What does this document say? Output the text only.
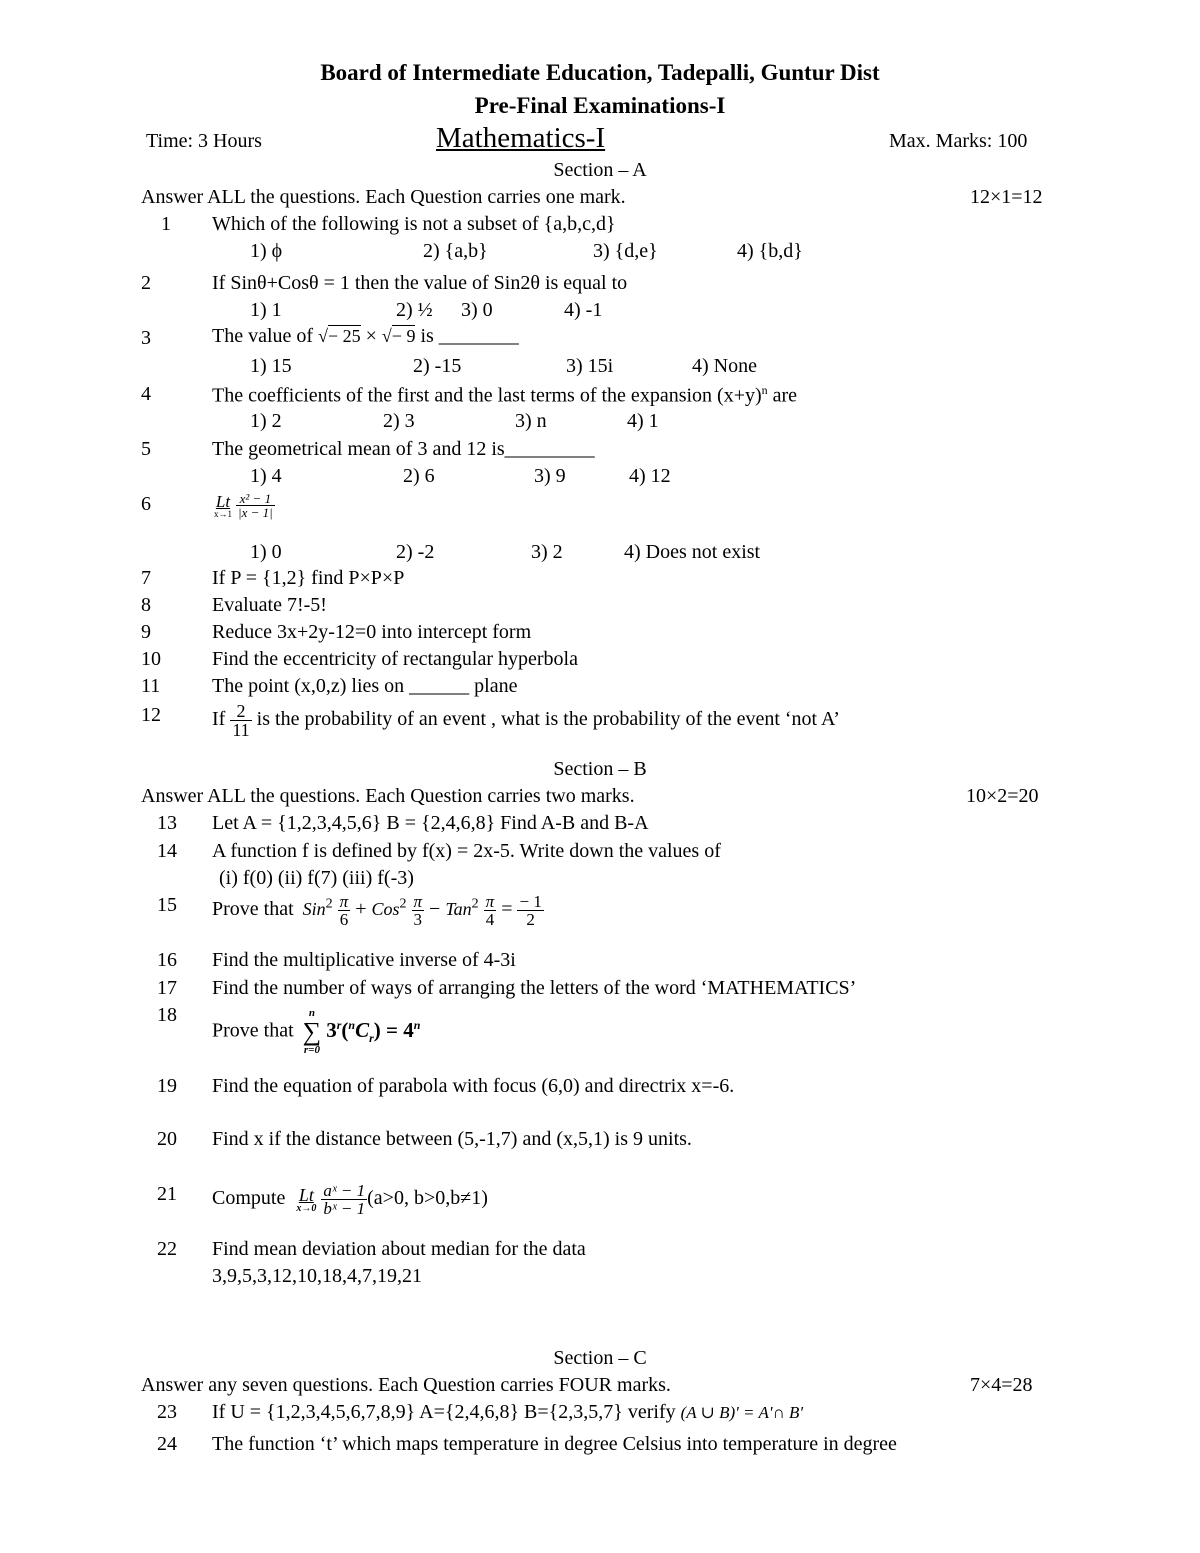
Board of Intermediate Education, Tadepalli, Guntur Dist
Pre-Final Examinations-I
Time: 3 Hours	Mathematics-I	Max. Marks: 100
Section – A
Answer ALL the questions. Each Question carries one mark.	12×1=12
1 Which of the following is not a subset of {a,b,c,d}
1) ϕ	2) {a,b}	3) {d,e}	4) {b,d}
2	If Sinθ+Cosθ = 1 then the value of Sin2θ is equal to
1) 1	2) ½ 3) 0	4) -1
3	The value of √− 25 × √− 9 is ________
1) 15	2) -15	3) 15i	4) None
4	The coefficients of the first and the last terms of the expansion $(x+y)^n$ are
1) 2	2) 3	3) n	4) 1
5	The geometrical mean of 3 and 12 is_________
1) 4	2) 6	3) 9	4) 12
6	Lt
x→1
$\frac{\text{x² − 1}}{|x - 1|}$
1) 0	2) -2	3) 2	4) Does not exist
7	If P = {1,2} find P×P×P
8	Evaluate 7!-5!
9	Reduce 3x+2y-12=0 into intercept form
10	Find the eccentricity of rectangular hyperbola
11	The point (x,0,z) lies on ______ plane
12	If $\frac{2}{11}$ is the probability of an event , what is the probability of the event ‘not A’
Section – B
Answer ALL the questions. Each Question carries two marks.	10×2=20
13 Let A = {1,2,3,4,5,6} B = {2,4,6,8} Find A-B and B-A
14 A function f is defined by f(x) = 2x-5. Write down the values of
(i) f(0) (ii) f(7) (iii) f(-3)
15 Prove that $Sin^2 \frac{\pi}{6} + Cos^2 \frac{\pi}{3} - Tan^2 \frac{\pi}{4} = \frac{- 1}{2}$
16 Find the multiplicative inverse of 4-3i
17 Find the number of ways of arranging the letters of the word ‘MATHEMATICS’
18
Prove that
n
∑
r=0
$3^r(^nC_r) = 4^n$
19 Find the equation of parabola with focus (6,0) and directrix x=-6.
20 Find x if the distance between (5,-1,7) and (x,5,1) is 9 units.
21 Compute Lt
x→0
$\frac{\text{aˣ − 1}}{\text{bˣ − 1}} (a>0$, b>0,b≠1)
22 Find mean deviation about median for the data
3,9,5,3,12,10,18,4,7,19,21
Section – C
Answer any seven questions. Each Question carries FOUR marks.	7×4=28
23 If U = {1,2,3,4,5,6,7,8,9} A={2,4,6,8} B={2,3,5,7} verify (A ∪ B)' = A'∩ B'
24 The function ‘t’ which maps temperature in degree Celsius into temperature in degree
